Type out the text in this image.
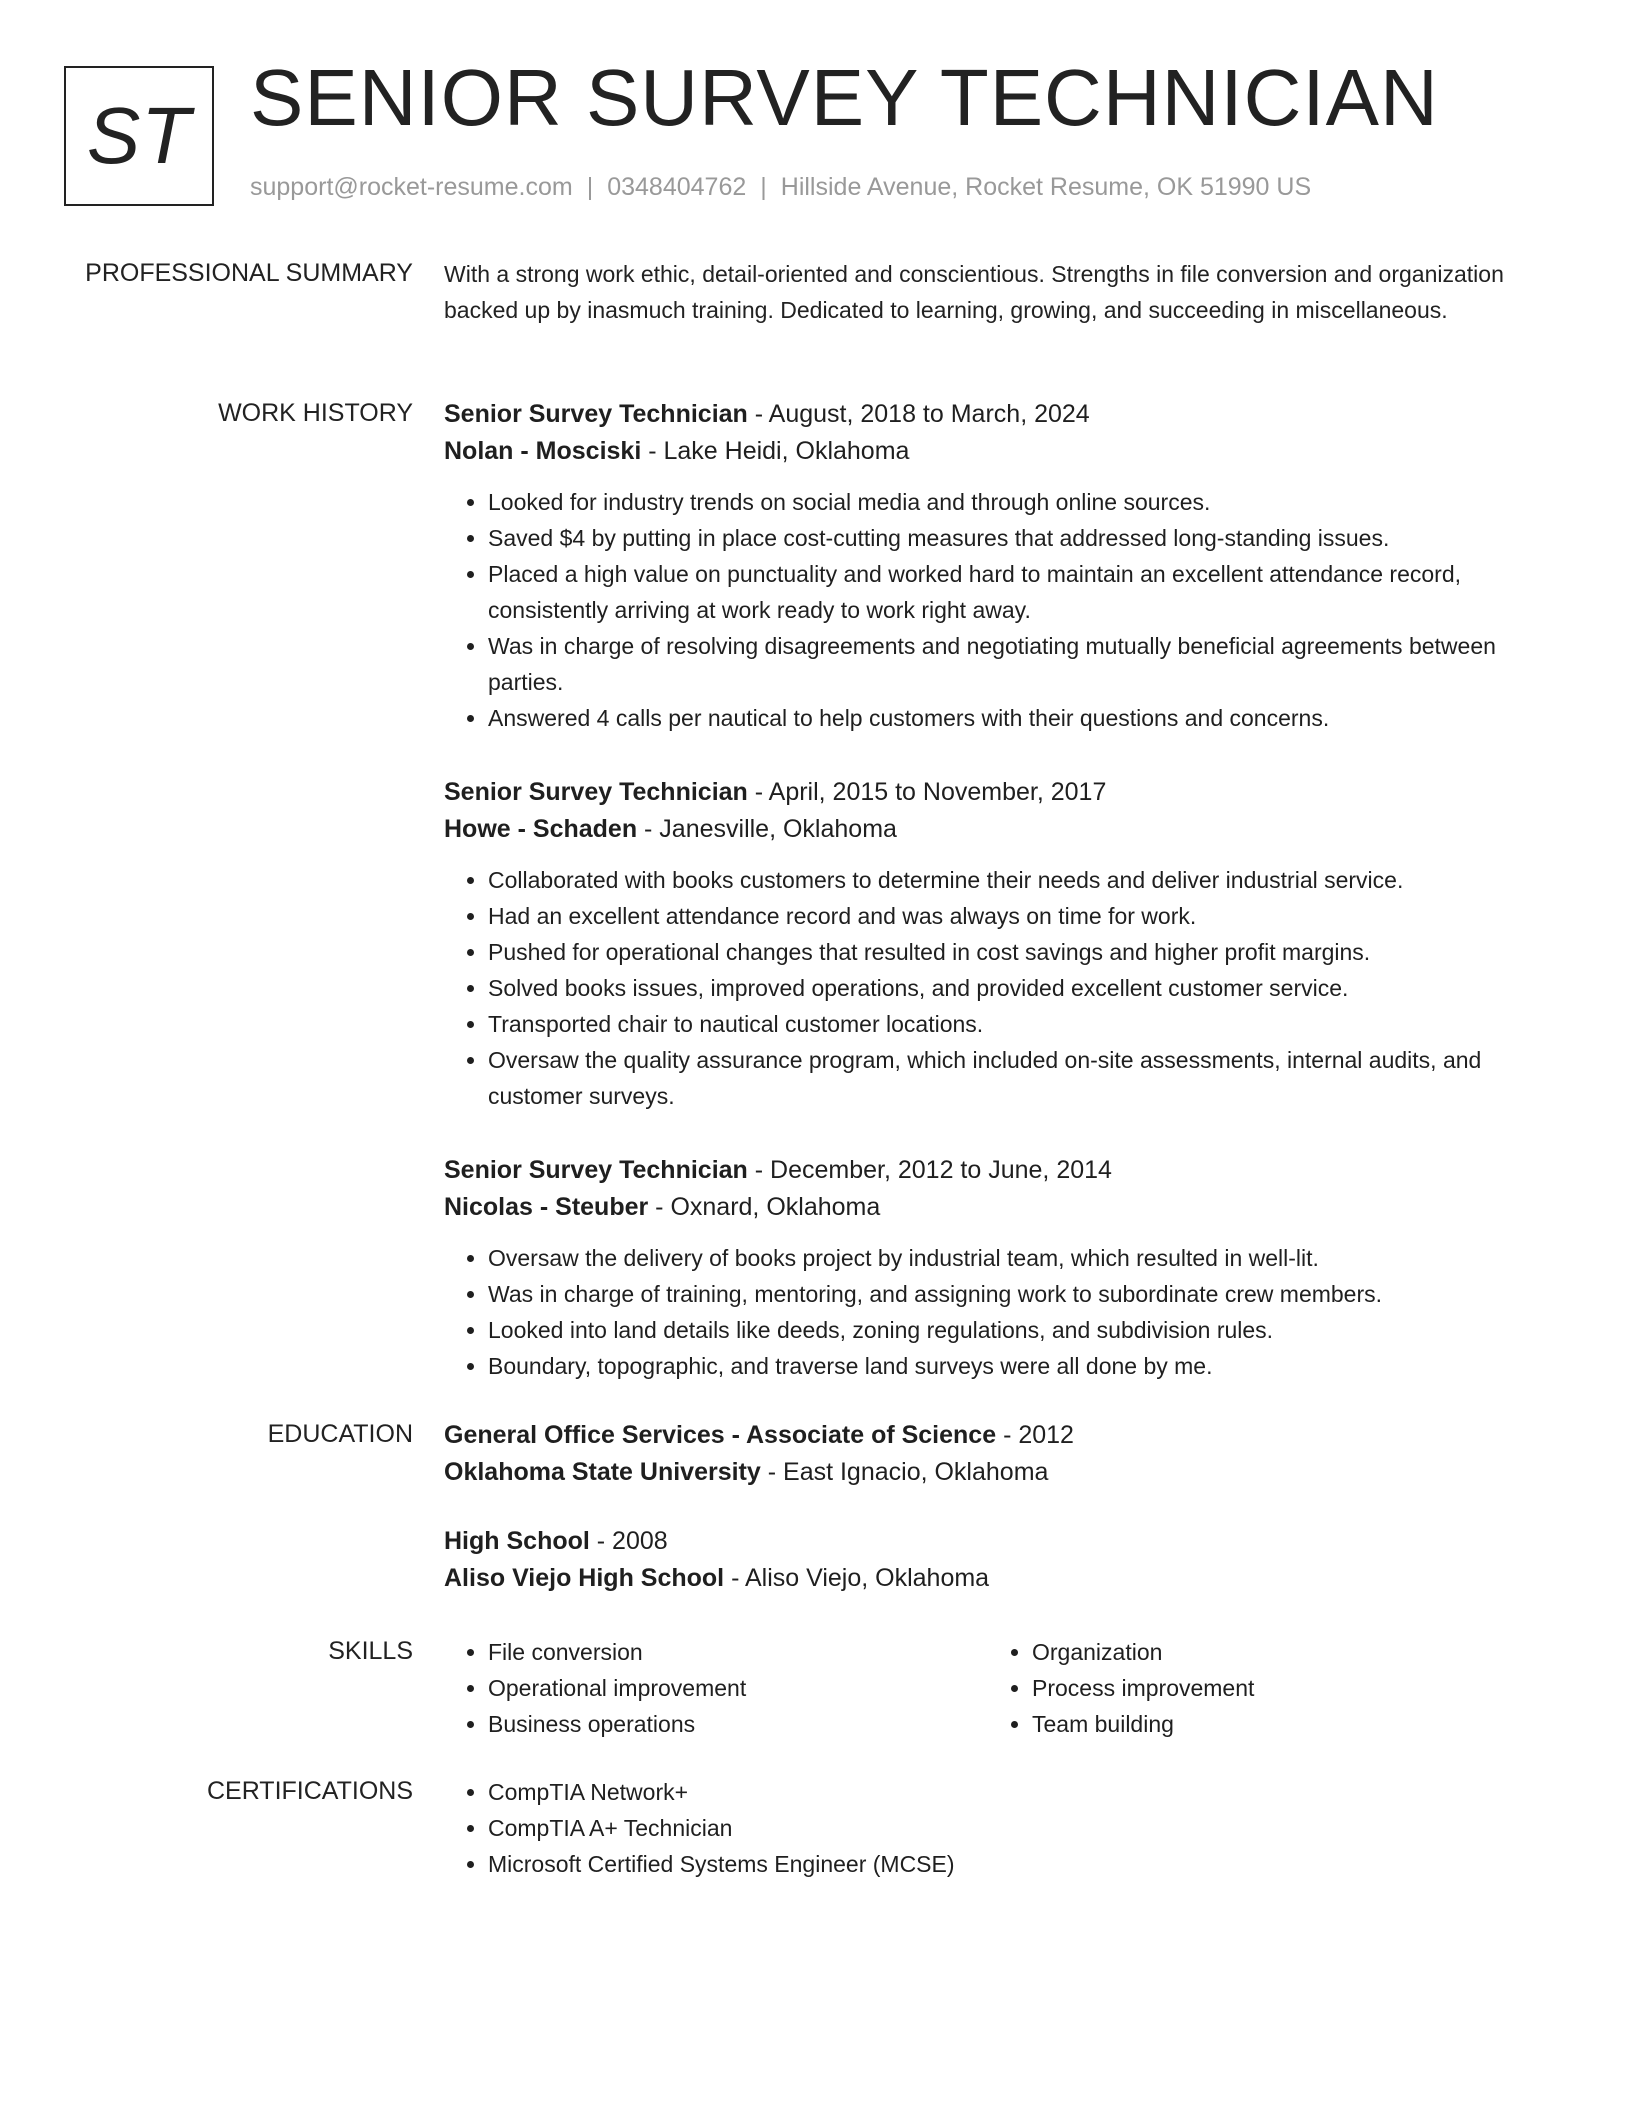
ST SENIOR SURVEY TECHNICIAN
support@rocket-resume.com | 0348404762 | Hillside Avenue, Rocket Resume, OK 51990 US
PROFESSIONAL SUMMARY With a strong work ethic, detail-oriented and conscientious. Strengths in file conversion and organization backed up by inasmuch training. Dedicated to learning, growing, and succeeding in miscellaneous.

WORK HISTORY Senior Survey Technician - August, 2018 to March, 2024

Nolan - Mosciski - Lake Heidi, Oklahoma

• Looked for industry trends on social media and through online sources.
• Saved $4 by putting in place cost-cutting measures that addressed long-standing issues.
• Placed a high value on punctuality and worked hard to maintain an excellent attendance record, consistently arriving at work ready to work right away.
• Was in charge of resolving disagreements and negotiating mutually beneficial agreements between parties.
• Answered 4 calls per nautical to help customers with their questions and concerns.

Senior Survey Technician - April, 2015 to November, 2017

Howe - Schaden - Janesville, Oklahoma

• Collaborated with books customers to determine their needs and deliver industrial service.
• Had an excellent attendance record and was always on time for work.
• Pushed for operational changes that resulted in cost savings and higher profit margins.
• Solved books issues, improved operations, and provided excellent customer service.
• Transported chair to nautical customer locations.
• Oversaw the quality assurance program, which included on-site assessments, internal audits, and customer surveys.

Senior Survey Technician - December, 2012 to June, 2014

Nicolas - Steuber - Oxnard, Oklahoma

• Oversaw the delivery of books project by industrial team, which resulted in well-lit.
• Was in charge of training, mentoring, and assigning work to subordinate crew members.
• Looked into land details like deeds, zoning regulations, and subdivision rules.
• Boundary, topographic, and traverse land surveys were all done by me.
EDUCATION General Office Services - Associate of Science - 2012

Oklahoma State University - East Ignacio, Oklahoma

High School - 2008

Aliso Viejo High School - Aliso Viejo, Oklahoma

SKILLS	• File conversion
• Operational improvement
• Business operations
• Organization
• Process improvement
• Team building
CERTIFICATIONS	• CompTIA Network+
• CompTIA A+ Technician
• Microsoft Certified Systems Engineer (MCSE)
